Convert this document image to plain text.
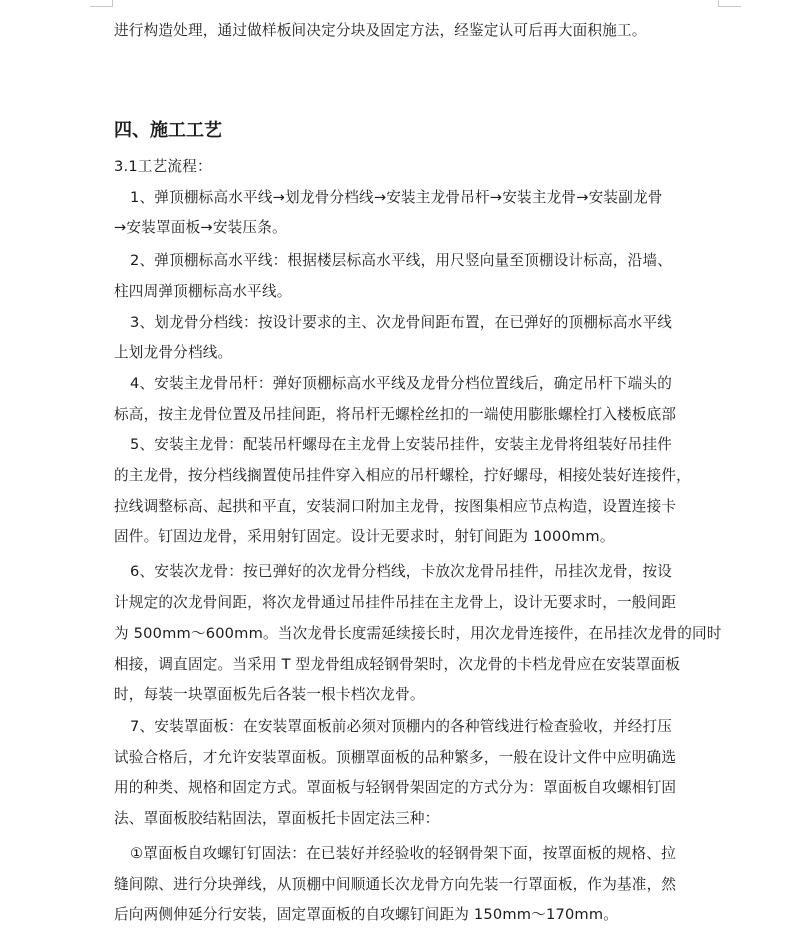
进行构造处理，通过做样板间决定分块及固定方法，经鉴定认可后再大面积施工。
四、施工工艺
3.1工艺流程：
1、弹顶棚标高水平线→划龙骨分档线→安装主龙骨吊杆→安装主龙骨→安装副龙骨
→安装罩面板→安装压条。
2、弹顶棚标高水平线：根据楼层标高水平线，用尺竖向量至顶棚设计标高，沿墙、
柱四周弹顶棚标高水平线。
3、划龙骨分档线：按设计要求的主、次龙骨间距布置，在已弹好的顶棚标高水平线
上划龙骨分档线。
4、安装主龙骨吊杆：弹好顶棚标高水平线及龙骨分档位置线后，确定吊杆下端头的
标高，按主龙骨位置及吊挂间距，将吊杆无螺栓丝扣的一端使用膨胀螺栓打入楼板底部
5、安装主龙骨：配装吊杆螺母在主龙骨上安装吊挂件，安装主龙骨将组装好吊挂件
的主龙骨，按分档线搁置使吊挂件穿入相应的吊杆螺栓，拧好螺母，相接处装好连接件，
拉线调整标高、起拱和平直，安装洞口附加主龙骨，按图集相应节点构造，设置连接卡
固件。钉固边龙骨，采用射钉固定。设计无要求时，射钉间距为 1000mm。
6、安装次龙骨：按已弹好的次龙骨分档线，卡放次龙骨吊挂件，吊挂次龙骨，按设
计规定的次龙骨间距，将次龙骨通过吊挂件吊挂在主龙骨上，设计无要求时，一般间距
为 500mm～600mm。当次龙骨长度需延续接长时，用次龙骨连接件，在吊挂次龙骨的同时
相接，调直固定。当采用 T 型龙骨组成轻钢骨架时，次龙骨的卡档龙骨应在安装罩面板
时，每装一块罩面板先后各装一根卡档次龙骨。
7、安装罩面板：在安装罩面板前必须对顶棚内的各种管线进行检查验收，并经打压
试验合格后，才允许安装罩面板。顶棚罩面板的品种繁多，一般在设计文件中应明确选
用的种类、规格和固定方式。罩面板与轻钢骨架固定的方式分为：罩面板自攻螺相钉固
法、罩面板胶结粘固法，罩面板托卡固定法三种：
①罩面板自攻螺钉钉固法：在已装好并经验收的轻钢骨架下面，按罩面板的规格、拉
缝间隙、进行分块弹线，从顶棚中间顺通长次龙骨方向先装一行罩面板，作为基准，然
后向两侧伸延分行安装，固定罩面板的自攻螺钉间距为 150mm～170mm。
